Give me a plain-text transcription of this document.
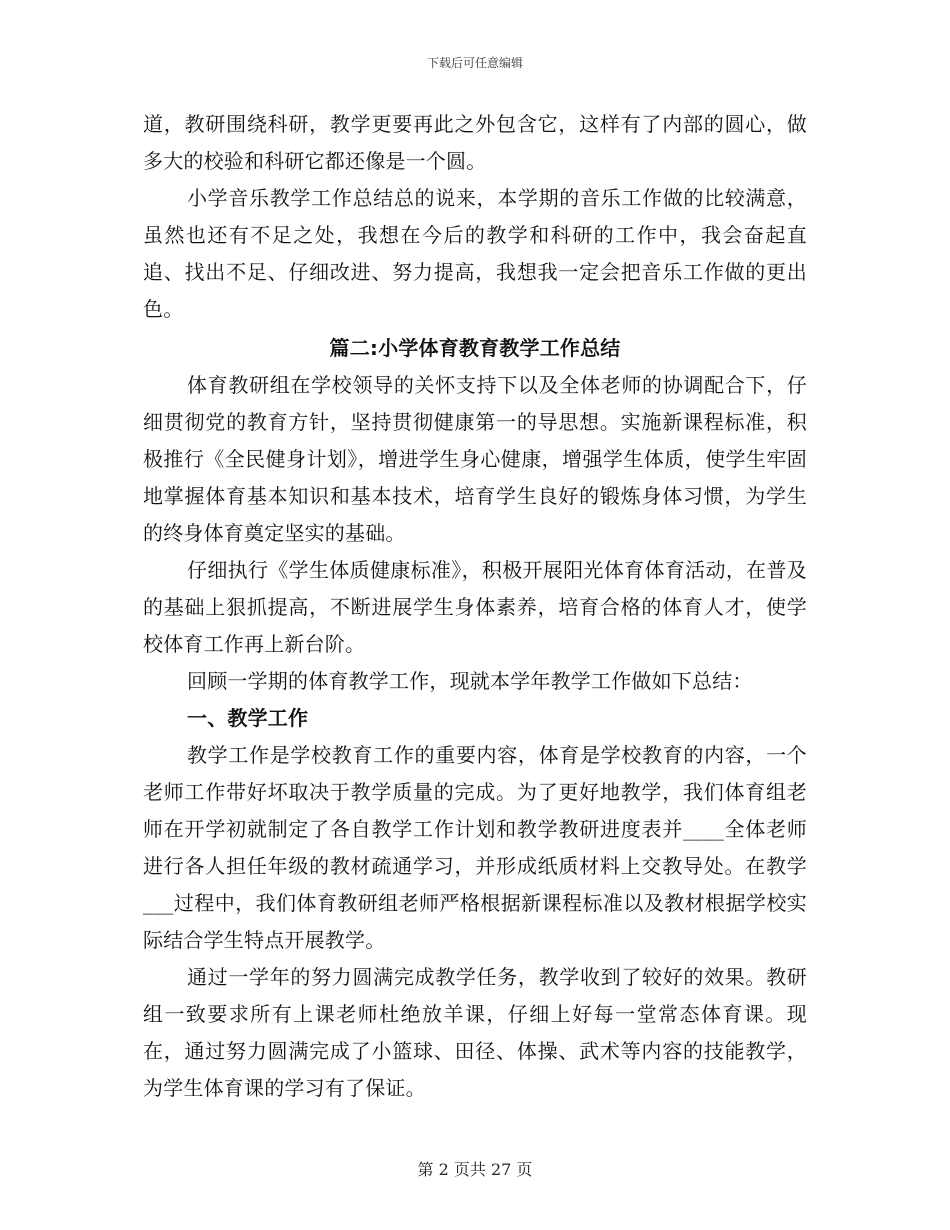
下载后可任意编辑

道，教研围绕科研，教学更要再此之外包含它，这样有了内部的圆心，做多大的校验和科研它都还像是一个圆。

小学音乐教学工作总结总的说来，本学期的音乐工作做的比较满意，虽然也还有不足之处，我想在今后的教学和科研的工作中，我会奋起直追、找出不足、仔细改进、努力提高，我想我一定会把音乐工作做的更出色。

篇二:小学体育教育教学工作总结

体育教研组在学校领导的关怀支持下以及全体老师的协调配合下，仔细贯彻党的教育方针，坚持贯彻健康第一的导思想。实施新课程标准，积极推行《全民健身计划》，增进学生身心健康，增强学生体质，使学生牢固地掌握体育基本知识和基本技术，培育学生良好的锻炼身体习惯，为学生的终身体育奠定坚实的基础。

仔细执行《学生体质健康标准》，积极开展阳光体育体育活动，在普及的基础上狠抓提高，不断进展学生身体素养，培育合格的体育人才，使学校体育工作再上新台阶。

回顾一学期的体育教学工作，现就本学年教学工作做如下总结：

一、教学工作

教学工作是学校教育工作的重要内容，体育是学校教育的内容，一个老师工作带好坏取决于教学质量的完成。为了更好地教学，我们体育组老师在开学初就制定了各自教学工作计划和教学教研进度表并____全体老师进行各人担任年级的教材疏通学习，并形成纸质材料上交教导处。在教学___过程中，我们体育教研组老师严格根据新课程标准以及教材根据学校实际结合学生特点开展教学。

通过一学年的努力圆满完成教学任务，教学收到了较好的效果。教研组一致要求所有上课老师杜绝放羊课，仔细上好每一堂常态体育课。现在，通过努力圆满完成了小篮球、田径、体操、武术等内容的技能教学，为学生体育课的学习有了保证。

第 2 页共 27 页
